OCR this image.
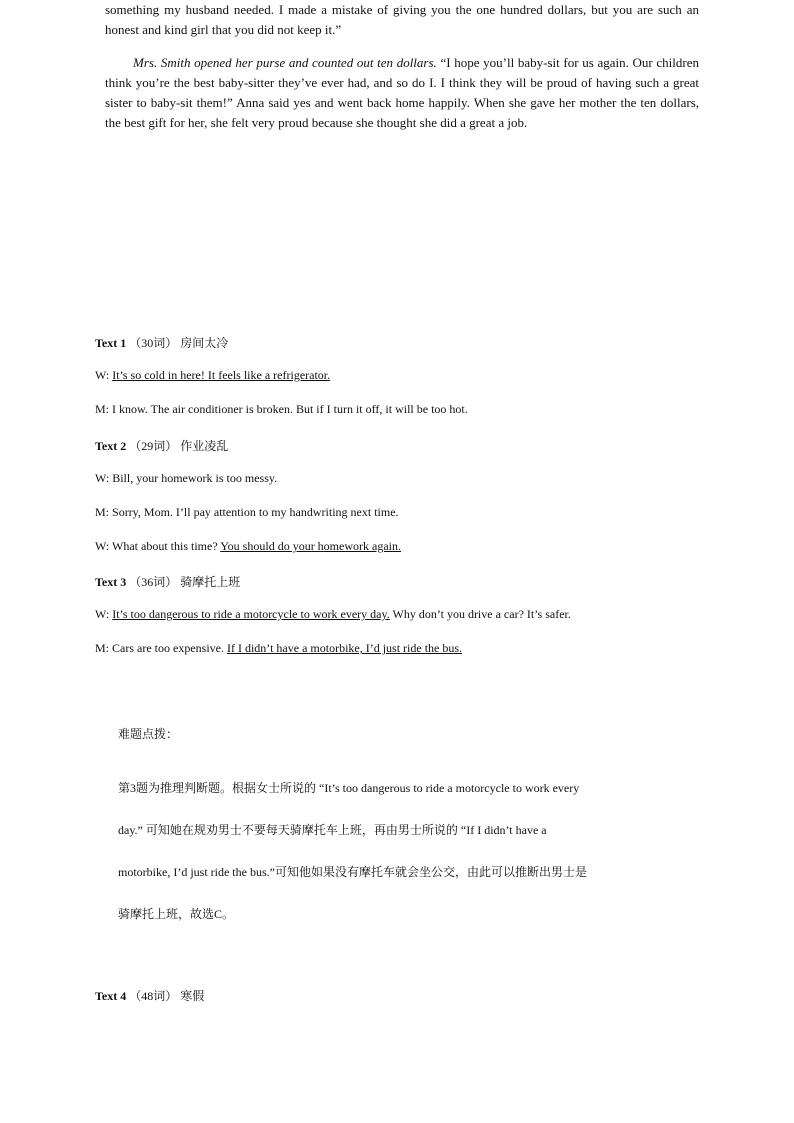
something my husband needed. I made a mistake of giving you the one hundred dollars, but you are such an honest and kind girl that you did not keep it.”

Mrs. Smith opened her purse and counted out ten dollars. “I hope you’ll baby-sit for us again. Our children think you’re the best baby-sitter they’ve ever had, and so do I. I think they will be proud of having such a great sister to baby-sit them!” Anna said yes and went back home happily. When she gave her mother the ten dollars, the best gift for her, she felt very proud because she thought she did a great a job.

Text 1 （30词） 房间太冷
W: It’s so cold in here! It feels like a refrigerator.
M: I know. The air conditioner is broken. But if I turn it off, it will be too hot.
Text 2 （29词） 作业凌乱
W: Bill, your homework is too messy.
M: Sorry, Mom. I’ll pay attention to my handwriting next time.
W: What about this time? You should do your homework again.
Text 3 （36词） 骑摩托上班
W: It’s too dangerous to ride a motorcycle to work every day. Why don’t you drive a car? It’s safer.
M: Cars are too expensive. If I didn’t have a motorbike, I’d just ride the bus.
难题点拨：
第3题为推理判断题。根据女士所说的 “It’s too dangerous to ride a motorcycle to work every
day.” 可知她在规劝男士不要每天骑摩托车上班，再由男士所说的 “If I didn’t have a
motorbike, I’d just ride the bus.”可知他如果没有摩托车就会坐公交，由此可以推断出男士是
骑摩托上班，故选C。
Text 4 （48词） 寒假
